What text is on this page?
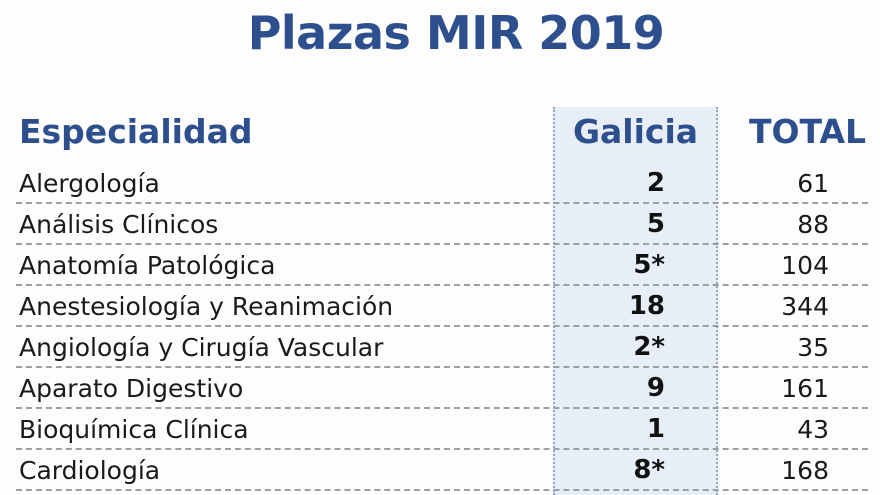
Plazas MIR 2019
Especialidad	Galicia	TOTAL
Alergología	2	61
Análisis Clínicos	5	88
Anatomía Patológica	5*	104
Anestesiología y Reanimación	18	344
Angiología y Cirugía Vascular	2*	35
Aparato Digestivo	9	161
Bioquímica Clínica	1	43
Cardiología	8*	168
